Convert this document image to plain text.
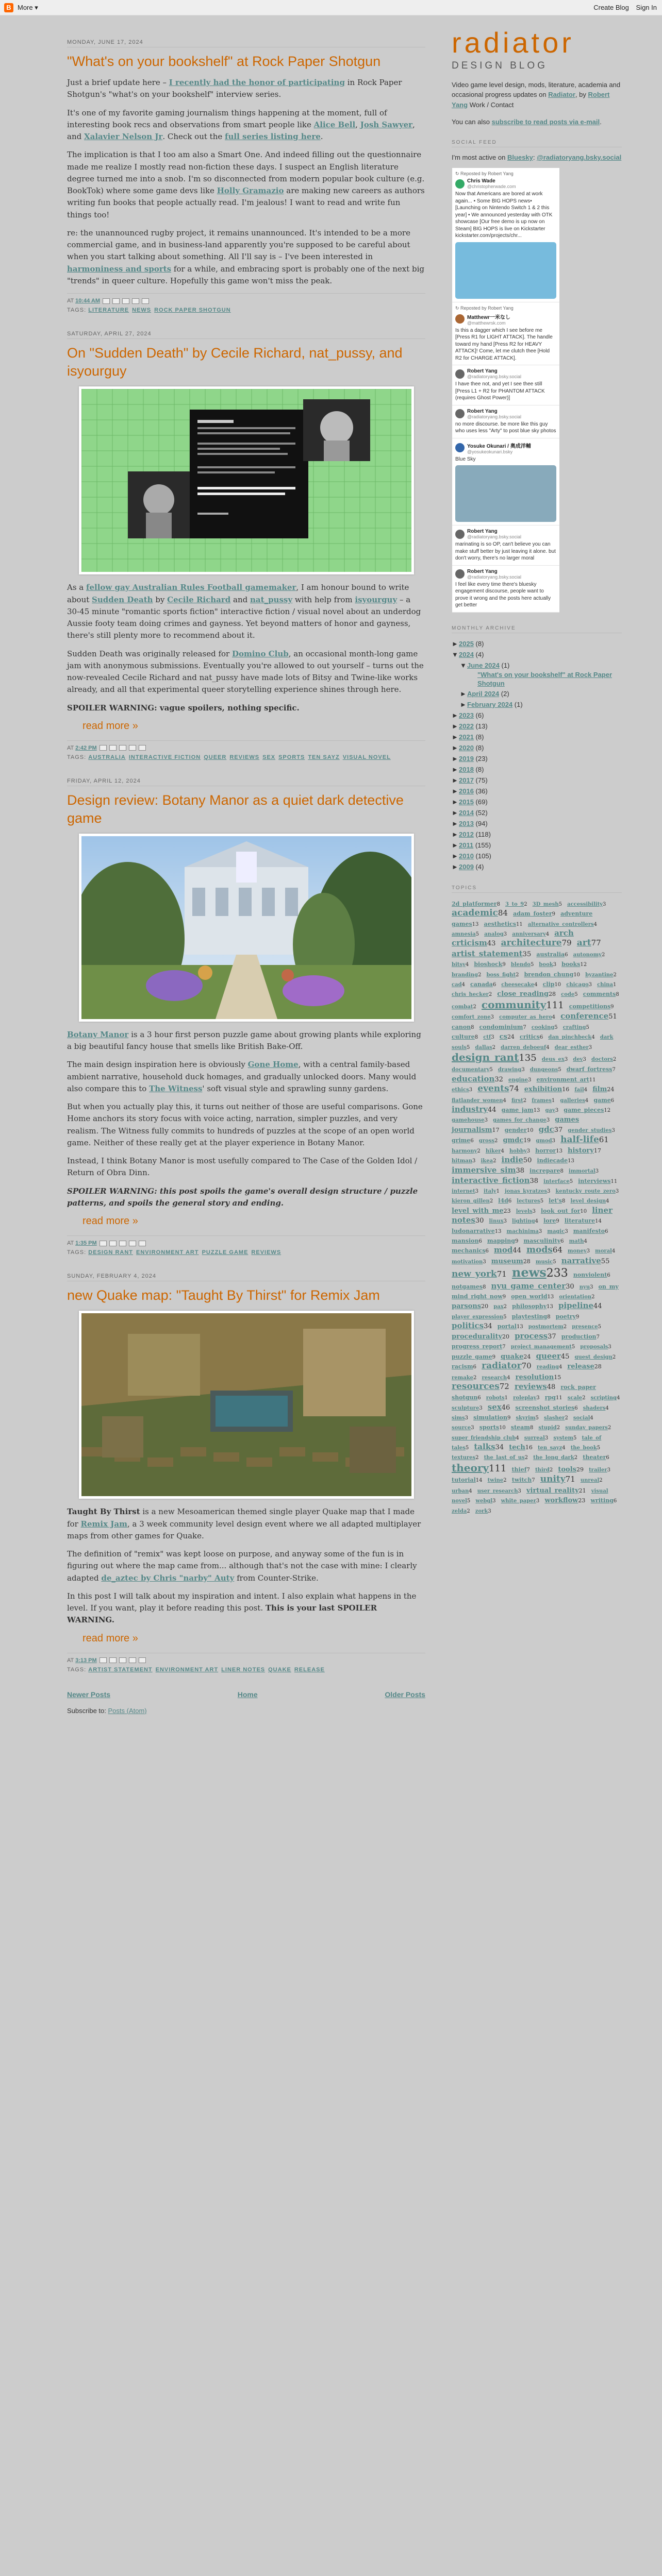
B More ▾	Create Blog Sign In
MONDAY, JUNE 17, 2024
"What's on your bookshelf" at Rock Paper Shotgun

Just a brief update here – I recently had the honor of participating in Rock Paper Shotgun's "what's on your bookshelf" interview series.

It's one of my favorite gaming journalism things happening at the moment, full of interesting book recs and observations from smart people like Alice Bell, Josh Sawyer, and Xalavier Nelson Jr. Check out the full series listing here.

The implication is that I too am also a Smart One. And indeed filling out the questionnaire made me realize I mostly read non-fiction these days. I suspect an English literature degree turned me into a snob. I'm so disconnected from modern popular book culture (e.g. BookTok) where some game devs like Holly Gramazio are making new careers as authors writing fun books that people actually read. I'm jealous! I want to read and write fun things too!

re: the unannounced rugby project, it remains unannounced. It's intended to be a more commercial game, and in business-land apparently you're supposed to be careful about when you start talking about something. All I'll say is – I've been interested in harmoniness and sports for a while, and embracing sport is probably one of the next big "trends" in queer culture. Hopefully this game won't miss the peak.

AT 10:44 AM
TAGS: LITERATURE NEWS ROCK PAPER SHOTGUN
SATURDAY, APRIL 27, 2024
On "Sudden Death" by Cecile Richard, nat_pussy, and isyourguy

As a fellow gay Australian Rules Football gamemaker, I am honour bound to write about Sudden Death by Cecile Richard and nat_pussy with help from isyourguy – a 30-45 minute "romantic sports fiction" interactive fiction / visual novel about an underdog Aussie footy team doing crimes and gayness. Yet beyond matters of honor and gayness, there's still plenty more to recommend about it.

Sudden Death was originally released for Domino Club, an occasional month-long game jam with anonymous submissions. Eventually you're allowed to out yourself – turns out the now-revealed Cecile Richard and nat_pussy have made lots of Bitsy and Twine-like works already, and all that experimental queer storytelling experience shines through here.

SPOILER WARNING: vague spoilers, nothing specific.

read more »
AT 2:42 PM
TAGS: AUSTRALIA INTERACTIVE FICTION QUEER REVIEWS SEX SPORTS TEN SAYZ VISUAL NOVEL
FRIDAY, APRIL 12, 2024
Design review: Botany Manor as a quiet dark detective game

Botany Manor is a 3 hour first person puzzle game about growing plants while exploring a big beautiful fancy house that smells like British Bake-Off.

The main design inspiration here is obviously Gone Home, with a central family-based ambient narrative, household duck homages, and gradually unlocked doors. Many would also compare this to The Witness' soft visual style and sprawling sunny gardens.

But when you actually play this, it turns out neither of those are useful comparisons. Gone Home anchors its story focus with voice acting, narration, simpler puzzles, and very realism. The Witness fully commits to hundreds of puzzles at the scope of an open world game. Neither of these really get at the player experience in Botany Manor.

Instead, I think Botany Manor is most usefully compared to The Case of the Golden Idol / Return of Obra Dinn.

SPOILER WARNING: this post spoils the game's overall design structure / puzzle patterns, and spoils the general story and ending.

read more »
AT 1:35 PM
TAGS: DESIGN RANT ENVIRONMENT ART PUZZLE GAME REVIEWS
SUNDAY, FEBRUARY 4, 2024
new Quake map: "Taught By Thirst" for Remix Jam

Taught By Thirst is a new Mesoamerican themed single player Quake map that I made for Remix Jam, a 3 week community level design event where we all adapted multiplayer maps from other games for Quake.

The definition of "remix" was kept loose on purpose, and anyway some of the fun is in figuring out where the map came from... although that's not the case with mine: I clearly adapted de_aztec by Chris "narby" Auty from Counter-Strike.

In this post I will talk about my inspiration and intent. I also explain what happens in the level. If you want, play it before reading this post. This is your last SPOILER WARNING.

read more »
AT 3:13 PM
TAGS: ARTIST STATEMENT ENVIRONMENT ART LINER NOTES QUAKE RELEASE
Newer Posts	Home	Older Posts
Subscribe to: Posts (Atom)
radiator
DESIGN BLOG
Video game level design, mods, literature, academia and occasional progress updates on Radiator, by Robert Yang Work / Contact
You can also subscribe to read posts via e-mail.
SOCIAL FEED
I'm most active on Bluesky: @radiatoryang.bsky.social
↻ Reposted by Robert Yang
Chris Wade
@christopherwade.com
Now that Americans are bored at work again... • Some BIG HOPS news• [Launching on Nintendo Switch 1 & 2 this year] • We announced yesterday with OTK showcase [Our free demo is up now on Steam] BIG HOPS is live on Kickstarter kickstarter.com/projects/chr...
↻ Reposted by Robert Yang
Matthewr一米なし
@matthewrsk.com
Is this a dagger which I see before me [Press R1 for LIGHT ATTACK]. The handle toward my hand [Press R2 for HEAVY ATTACK]! Come, let me clutch thee [Hold R2 for CHARGE ATTACK].
Robert Yang
@radiatoryang.bsky.social
I have thee not, and yet I see thee still [Press L1 + R2 for PHANTOM ATTACK (requires Ghost Power)]
Robert Yang
@radiatoryang.bsky.social
no more discourse. be more like this guy who uses less "Arty" to post blue sky photos
Yosuke Okunari / 奥成洋輔
@yosukeokunari.bsky
Blue Sky
Robert Yang
@radiatoryang.bsky.social
marinating is so OP, can't believe you can make stuff better by just leaving it alone. but don't worry, there's no larger moral
Robert Yang
@radiatoryang.bsky.social
I feel like every time there's bluesky engagement discourse, people want to prove it wrong and the posts here actually get better
MONTHLY ARCHIVE
►2025 (8)
▼2024 (4)
▼June 2024 (1)
"What's on your bookshelf" at Rock Paper Shotgun
►April 2024 (2)
►February 2024 (1)
►2023 (6)
►2022 (13)
►2021 (8)
►2020 (8)
►2019 (23)
►2018 (8)
►2017 (75)
►2016 (36)
►2015 (69)
►2014 (52)
►2013 (94)
►2012 (118)
►2011 (155)
►2010 (105)
►2009 (4)
TOPICS
2d platformer8 3 to 92 3D mesh5 accessibility3 academic84 adam foster9 adventure games13 aesthetics11 alternative controllers4 amnesia5 analog3 anniversary4 arch crticism43 architecture79 art77 artist statement35 australia6 autonomy2 bitsy4 bioshock9 blendo5 book3 books12 branding2 boss fight2 brendon chung10 byzantine2 cad4 canada6 cheesecake4 clip10 chicago3 china1 chris hecker2 close reading28 code5 comments8 combat2 community111 competitions9 comfort zone3 computer as hero4 conference51 canon8 condominium7 cooking5 crafting5 culture8 ctf3 cs24 critics6 dan pinchbeck4 dark souls5 dallas2 darren deboeuf4 dear esther3 design rant135 deus ex3 dev3 doctors2 documentary5 drawing3 dungeons5 dwarf fortress7 education32 engine3 environment art11 ethics3 events74 exhibition16 fail4 film24 flatlander women4 first2 frames1 galleries4 game6 industry44 game jam13 gay3 game pieces12 gamehouse3 games for change3 games journalism17 gender10 gdc37 gender studies3 grime6 gross2 gmdc19 gmod3 half-life61 harmony2 hiker4 hobby3 horror13 history17 hitman3 ikea2 indie50 indiecade13 immersive sim38 increpare8 immortal3 interactive fiction38 interface5 interviews11 internet3 italy1 jonas kyratzes3 kentucky route zero3 kieron gillen2 l4d6 lectures5 let's8 level design4 level with me23 levels3 look out for10 liner notes30 linux3 lighting4 lore9 literature14 ludonarrative13 machinima3 magic3 manifesto6 mansion6 mapping9 masculinity6 math4 mechanics6 mod44 mods64 money3 moral4 motivation3 museum28 music5 narrative55 new york71 news233 nonviolent6 notgames8 nyu game center30 nyu3 on my mind right now9 open world13 orientation2 parsons20 pax2 philosophy13 pipeline44 player expression5 playtesting8 poetry9 politics34 portal13 postmortem2 presence5 procedurality20 process37 production7 progress report7 project management5 proposals3 puzzle game9 quake24 queer45 quest design2 racism6 radiator70 reading4 release28 remake2 research4 resolution15 resources72 reviews48 rock paper shotgun6 robots1 roleplay3 rpg11 scale2 scripting4 sculpture3 sex46 screenshot stories6 shaders4 sims3 simulation9 skyrim5 slasher2 social4 source3 sports10 steam8 stupid2 sunday papers2 super friendship club4 surreal3 system5 tale of tales5 talks34 tech16 ten sayz4 the book5 textures2 the last of us2 the long dark2 theater6 theory111 thief7 third2 tools29 trailer3 tutorial14 twine2 twitch7 unity71 unreal2 urban4 user research3 virtual reality21 visual novel5 webgl3 white paper3 workflow23 writing6 zelda2 zork3
